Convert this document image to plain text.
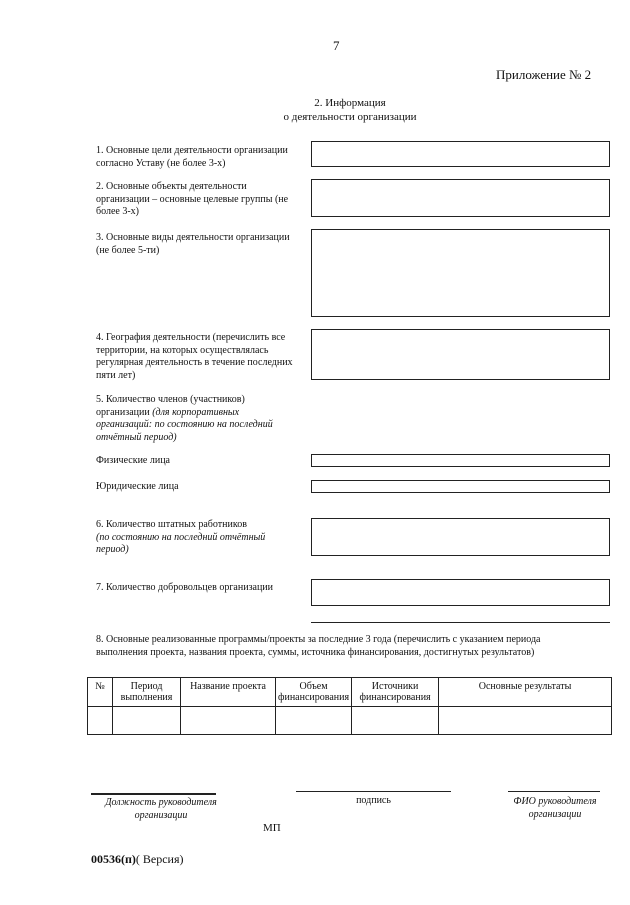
7
Приложение № 2
2. Информация
о деятельности организации
1. Основные цели деятельности организации
согласно Уставу (не более 3-х)
2. Основные объекты деятельности
организации – основные целевые группы (не
более 3-х)
3. Основные виды деятельности организации
(не более 5-ти)
4. География деятельности (перечислить все
территории, на которых осуществлялась
регулярная деятельность в течение последних
пяти лет)
5. Количество членов (участников)
организации (для корпоративных
организаций: по состоянию на последний
отчётный период)
Физические лица
Юридические лица
6. Количество штатных работников
(по состоянию на последний отчётный
период)
7. Количество добровольцев организации
8. Основные реализованные программы/проекты за последние 3 года (перечислить с указанием периода
выполнения проекта, названия проекта, суммы, источника финансирования, достигнутых результатов)
№	Период выполнения	Название проекта	Объем финансирования	Источники финансирования	Основные результаты

Должность руководителя
организации
подпись	ФИО руководителя
организации
МП
00536(п)( Версия)
